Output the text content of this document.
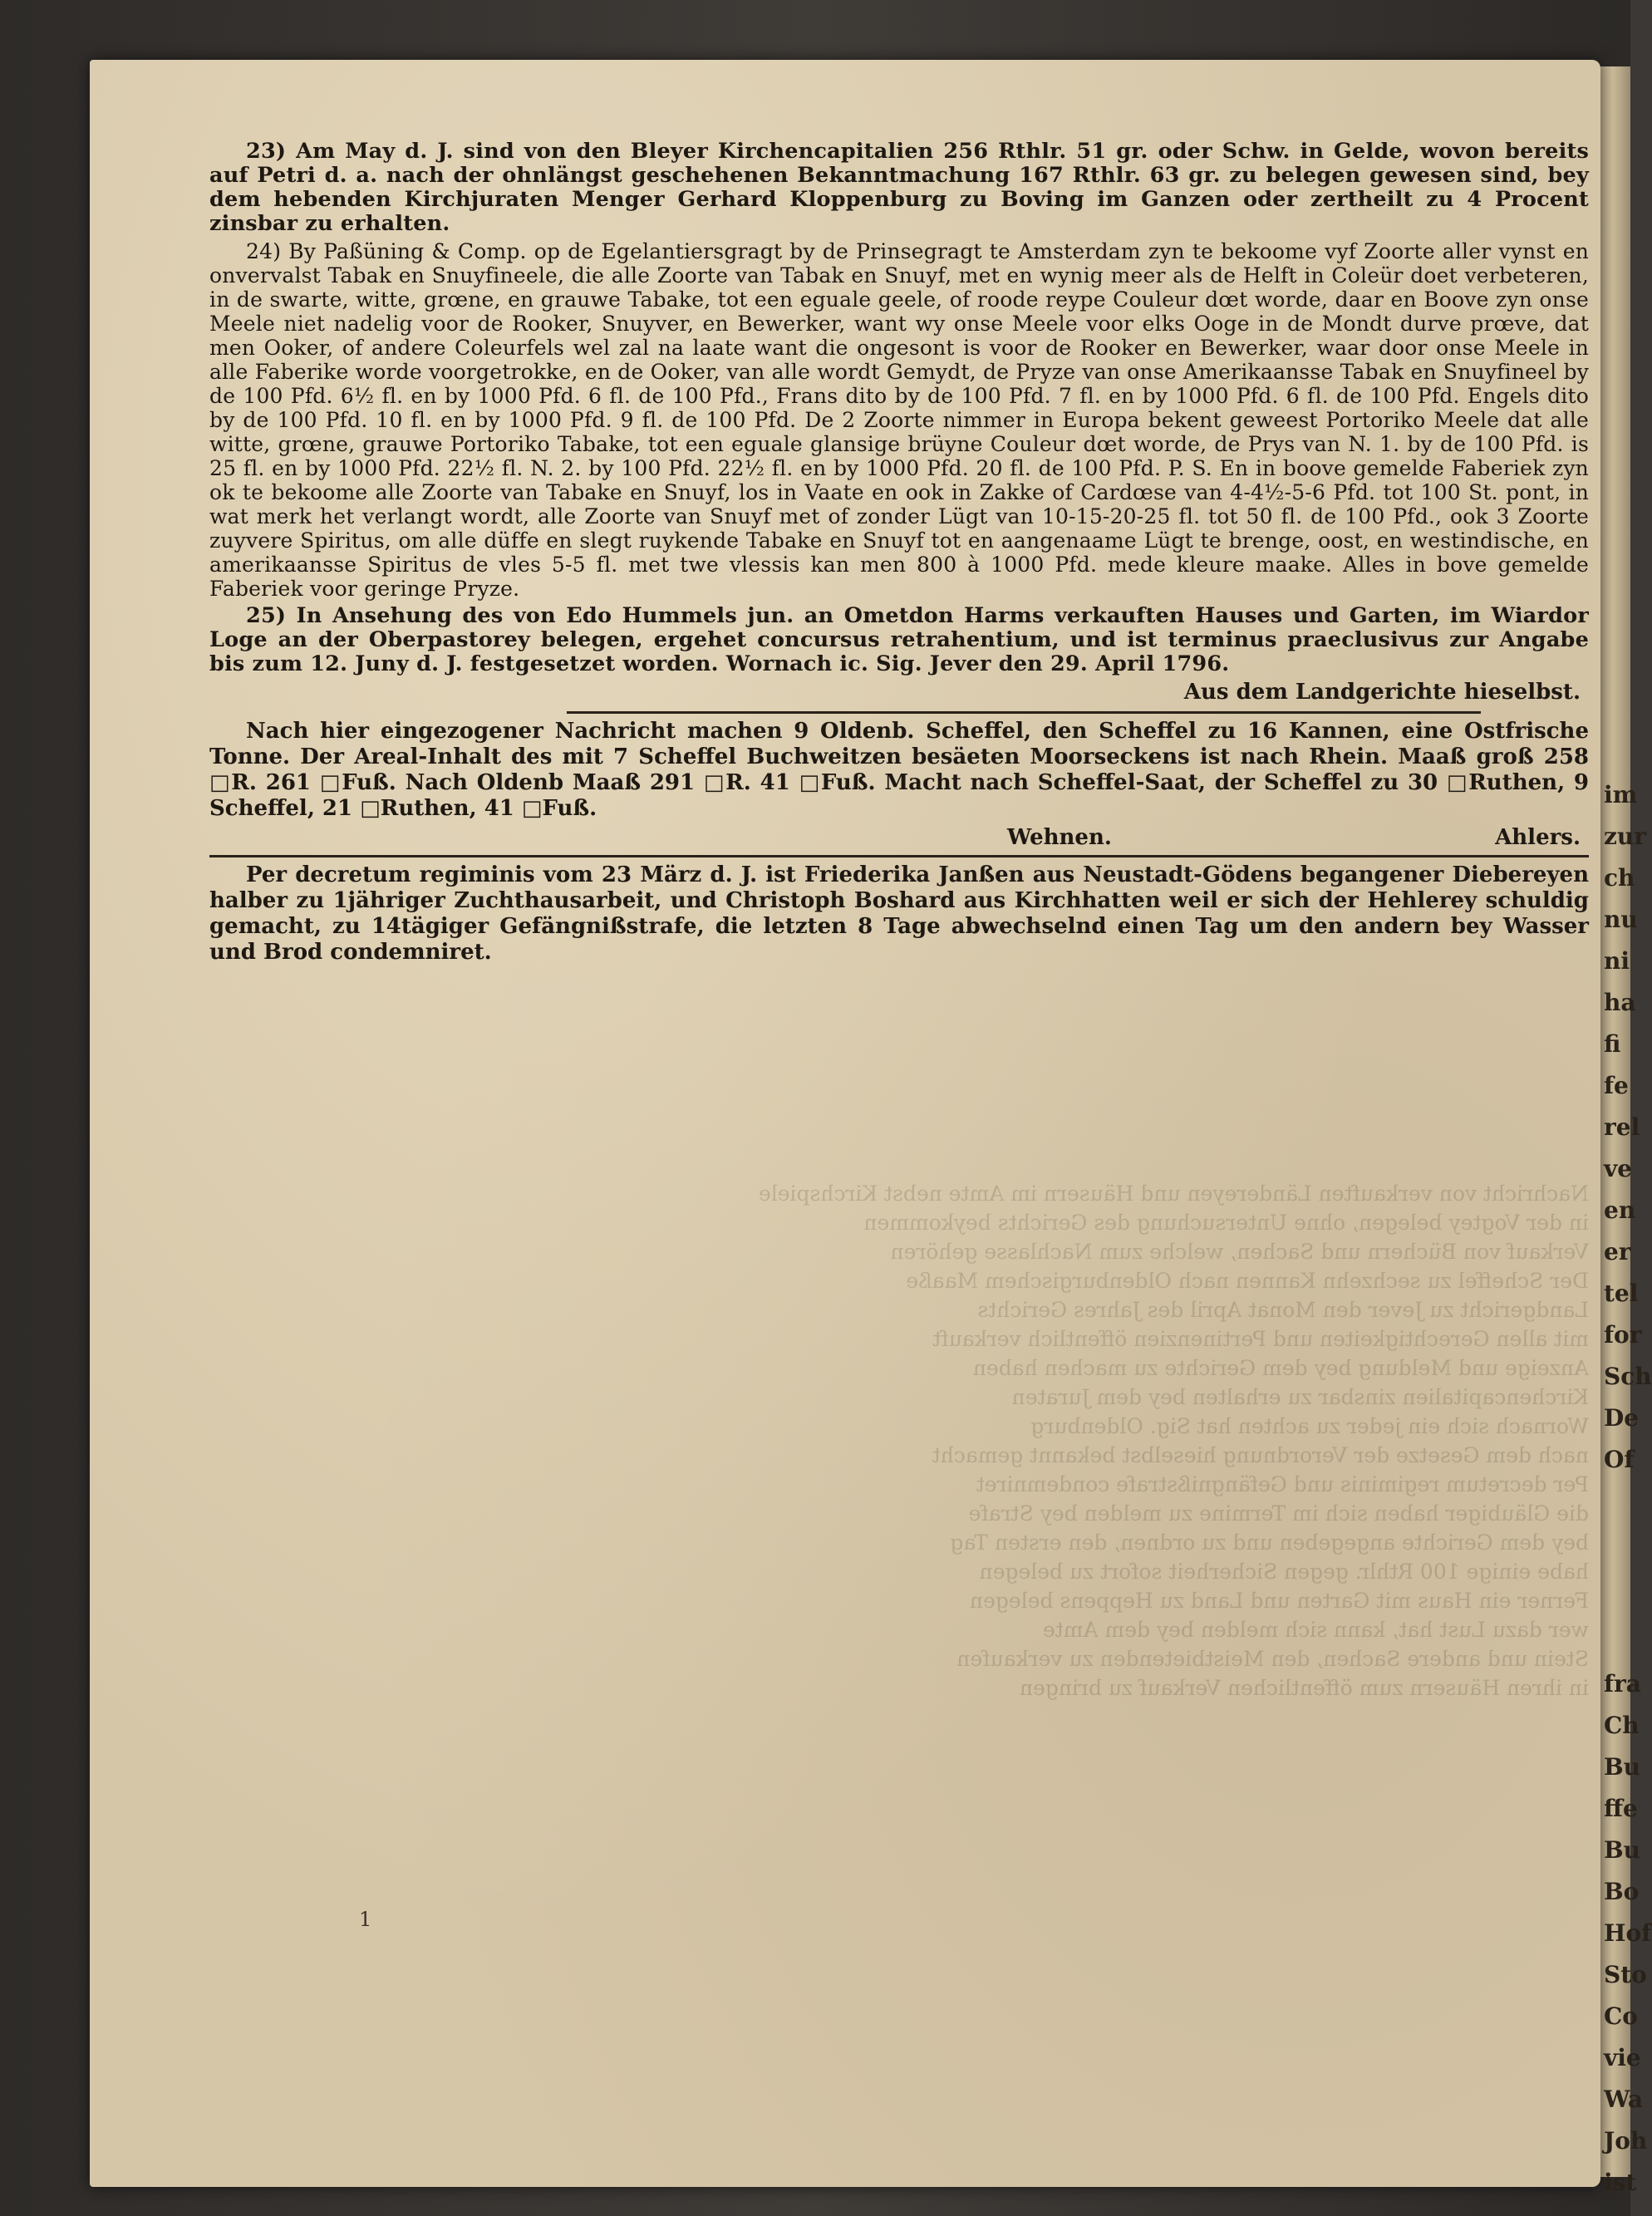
Nachricht von verkauften Ländereyen und Häusern im Amte nebst Kirchspiele
in der Vogtey belegen, ohne Untersuchung des Gerichts beykommen
Verkauf von Büchern und Sachen, welche zum Nachlasse gehören
Der Scheffel zu sechzehn Kannen nach Oldenburgischem Maaße
Landgericht zu Jever den Monat April des Jahres Gerichts
mit allen Gerechtigkeiten und Pertinenzien öffentlich verkauft
Anzeige und Meldung bey dem Gerichte zu machen haben
Kirchencapitalien zinsbar zu erhalten bey dem Juraten
Wornach sich ein jeder zu achten hat Sig. Oldenburg
nach dem Gesetze der Verordnung hieselbst bekannt gemacht
Per decretum regiminis und Gefängnißstrafe condemniret
die Gläubiger haben sich im Termine zu melden bey Strafe
bey dem Gerichte angegeben und zu ordnen, den ersten Tag
habe einige 100 Rthlr. gegen Sicherheit sofort zu belegen
Ferner ein Haus mit Garten und Land zu Heppens belegen
wer dazu Lust hat, kann sich melden bey dem Amte
Stein und andere Sachen, den Meistbietenden zu verkaufen
in ihren Häusern zum öffentlichen Verkauf zu bringen

23) Am May d. J. sind von den Bleyer Kirchencapitalien 256 Rthlr. 51 gr. oder Schw. in Gelde, wovon bereits auf Petri d. a. nach der ohnlängst geschehenen Bekanntmachung 167 Rthlr. 63 gr. zu belegen gewesen sind, bey dem hebenden Kirchjuraten Menger Gerhard Kloppenburg zu Boving im Ganzen oder zertheilt zu 4 Procent zinsbar zu erhalten.

24) By Paßüning & Comp. op de Egelantiersgragt by de Prinsegragt te Amsterdam zyn te bekoome vyf Zoorte aller vynst en onvervalst Tabak en Snuyfineele, die alle Zoorte van Tabak en Snuyf, met en wynig meer als de Helft in Coleür doet verbeteren, in de swarte, witte, grœne, en grauwe Tabake, tot een eguale geele, of roode reype Couleur dœt worde, daar en Boove zyn onse Meele niet nadelig voor de Rooker, Snuyver, en Bewerker, want wy onse Meele voor elks Ooge in de Mondt durve prœve, dat men Ooker, of andere Coleurfels wel zal na laate want die ongesont is voor de Rooker en Bewerker, waar door onse Meele in alle Faberike worde voorgetrokke, en de Ooker, van alle wordt Gemydt, de Pryze van onse Amerikaansse Tabak en Snuyfineel by de 100 Pfd. 6½ fl. en by 1000 Pfd. 6 fl. de 100 Pfd., Frans dito by de 100 Pfd. 7 fl. en by 1000 Pfd. 6 fl. de 100 Pfd. Engels dito by de 100 Pfd. 10 fl. en by 1000 Pfd. 9 fl. de 100 Pfd. De 2 Zoorte nimmer in Europa bekent geweest Portoriko Meele dat alle witte, grœne, grauwe Portoriko Tabake, tot een eguale glansige brüyne Couleur dœt worde, de Prys van N. 1. by de 100 Pfd. is 25 fl. en by 1000 Pfd. 22½ fl. N. 2. by 100 Pfd. 22½ fl. en by 1000 Pfd. 20 fl. de 100 Pfd. P. S. En in boove gemelde Faberiek zyn ok te bekoome alle Zoorte van Tabake en Snuyf, los in Vaate en ook in Zakke of Cardœse van 4-4½-5-6 Pfd. tot 100 St. pont, in wat merk het verlangt wordt, alle Zoorte van Snuyf met of zonder Lügt van 10-15-20-25 fl. tot 50 fl. de 100 Pfd., ook 3 Zoorte zuyvere Spiritus, om alle düffe en slegt ruykende Tabake en Snuyf tot en aangenaame Lügt te brenge, oost, en westindische, en amerikaansse Spiritus de vles 5-5 fl. met twe vlessis kan men 800 à 1000 Pfd. mede kleure maake. Alles in bove gemelde Faberiek voor geringe Pryze.

25) In Ansehung des von Edo Hummels jun. an Ometdon Harms verkauften Hauses und Garten, im Wiardor Loge an der Oberpastorey belegen, ergehet concursus retrahentium, und ist terminus praeclusivus zur Angabe bis zum 12. Juny d. J. festgesetzet worden. Wornach ic. Sig. Jever den 29. April 1796.

Aus dem Landgerichte hieselbst.
Nach hier eingezogener Nachricht machen 9 Oldenb. Scheffel, den Scheffel zu 16 Kannen, eine Ostfrische Tonne. Der Areal-Inhalt des mit 7 Scheffel Buchweitzen besäeten Moorseckens ist nach Rhein. Maaß groß 258 □R. 261 □Fuß. Nach Oldenb Maaß 291 □R. 41 □Fuß. Macht nach Scheffel-Saat, der Scheffel zu 30 □Ruthen, 9 Scheffel, 21 □Ruthen, 41 □Fuß.
Wehnen.	Ahlers.
Per decretum regiminis vom 23 März d. J. ist Friederika Janßen aus Neustadt-Gödens begangener Diebereyen halber zu 1jähriger Zuchthausarbeit, und Christoph Boshard aus Kirchhatten weil er sich der Hehlerey schuldig gemacht, zu 14tägiger Gefängnißstrafe, die letzten 8 Tage abwechselnd einen Tag um den andern bey Wasser und Brod condemniret.
1
im
zur
ch
nu
ni
ha
fi
fe
rel
ve
en
er
tel
for
Sch
De
Of
fra
Ch
Bu
ffe
Bu
Bo
Hof
Sto
Co
vie
Wa
Joh
ist
